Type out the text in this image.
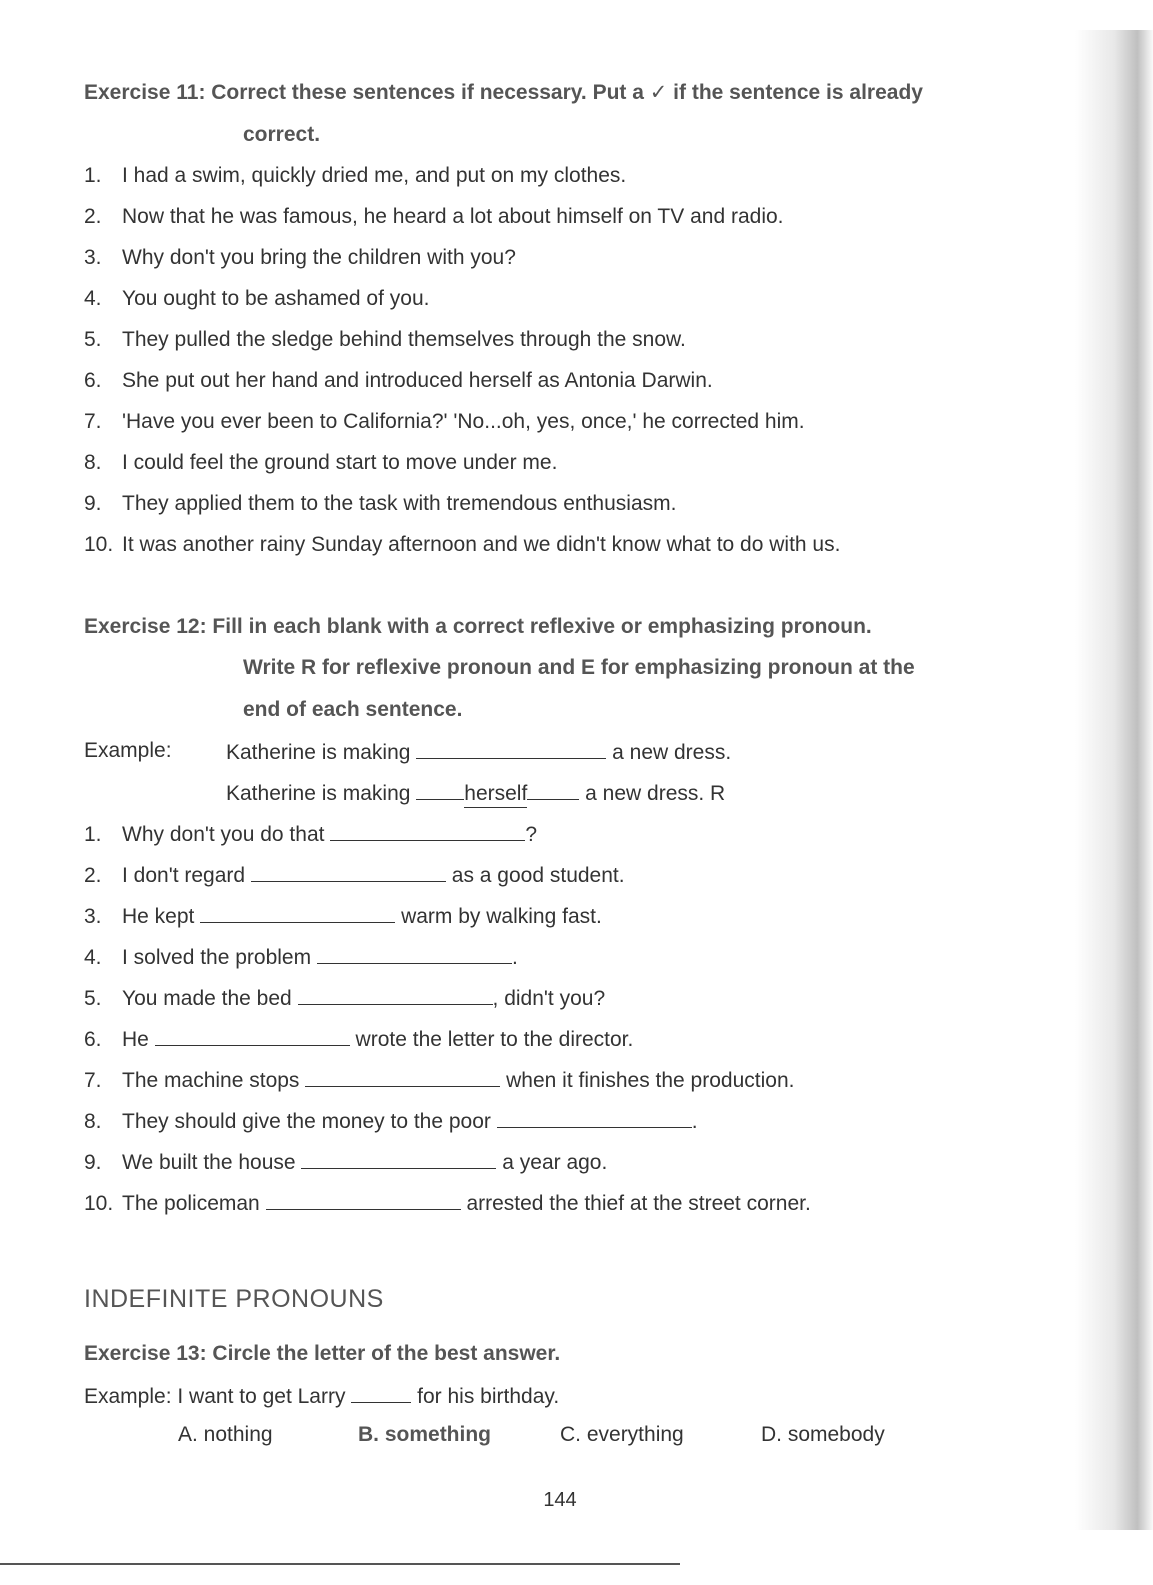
Exercise 11: Correct these sentences if necessary. Put a ✓ if the sentence is already
correct.
1. I had a swim, quickly dried me, and put on my clothes.
2. Now that he was famous, he heard a lot about himself on TV and radio.
3. Why don't you bring the children with you?
4. You ought to be ashamed of you.
5. They pulled the sledge behind themselves through the snow.
6. She put out her hand and introduced herself as Antonia Darwin.
7. 'Have you ever been to California?' 'No...oh, yes, once,' he corrected him.
8. I could feel the ground start to move under me.
9. They applied them to the task with tremendous enthusiasm.
10. It was another rainy Sunday afternoon and we didn't know what to do with us.
Exercise 12: Fill in each blank with a correct reflexive or emphasizing pronoun.
Write R for reflexive pronoun and E for emphasizing pronoun at the
end of each sentence.
Example:	Katherine is making	a new dress.
Katherine is making	herself	a new dress. R
1. Why don't you do that	?
2. I don't regard	as a good student.
3. He kept	warm by walking fast.
4. I solved the problem	.
5. You made the bed	, didn't you?
6. He	wrote the letter to the director.
7. The machine stops	when it finishes the production.
8. They should give the money to the poor	.
9. We built the house	a year ago.
10. The policeman	arrested the thief at the street corner.
INDEFINITE PRONOUNS
Exercise 13: Circle the letter of the best answer.
Example: I want to get Larry	for his birthday.
A. nothing	B. something	C. everything	D. somebody
144
